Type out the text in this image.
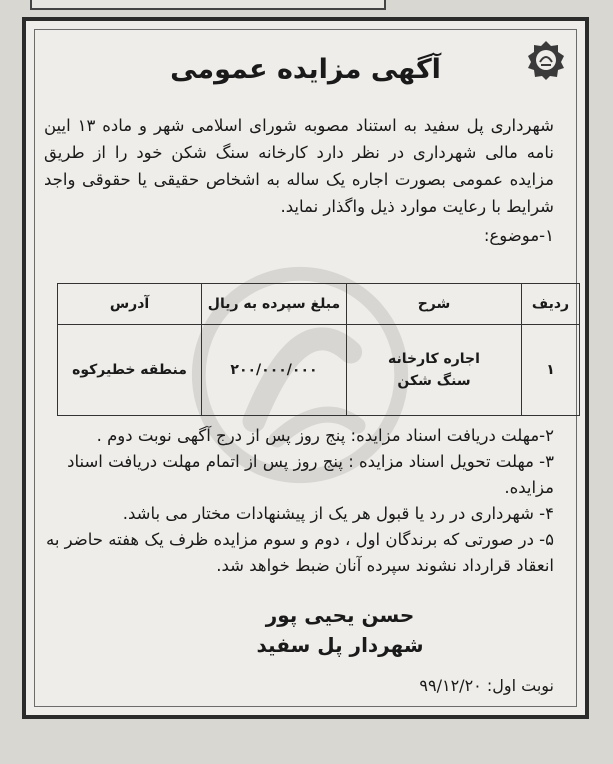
آگهی مزایده عمومی

شهرداری پل سفید به استناد مصوبه شورای اسلامی شهر و ماده ۱۳ ایین نامه مالی شهرداری در نظر دارد کارخانه سنگ شکن خود را از طریق مزایده عمومی بصورت اجاره یک ساله به اشخاص حقیقی یا حقوقی واجد شرایط با رعایت موارد ذیل واگذار نماید.

۱-موضوع:

ردیف	شرح	مبلغ سپرده به ریال	آدرس
۱	اجاره کارخانه سنگ شکن	۲۰۰/۰۰۰/۰۰۰	منطقه خطیرکوه

۲-مهلت دریافت اسناد مزایده: پنج روز پس از درج آگهی نوبت دوم .

۳- مهلت تحویل اسناد مزایده : پنج روز پس از اتمام مهلت دریافت اسناد مزایده.

۴- شهرداری در رد یا قبول هر یک از پیشنهادات مختار می باشد.

۵- در صورتی که برندگان اول ، دوم و سوم مزایده ظرف یک هفته حاضر به انعقاد قرارداد نشوند سپرده آنان ضبط خواهد شد.

حسن یحیی پور
شهردار پل سفید
نوبت اول: ۹۹/۱۲/۲۰
